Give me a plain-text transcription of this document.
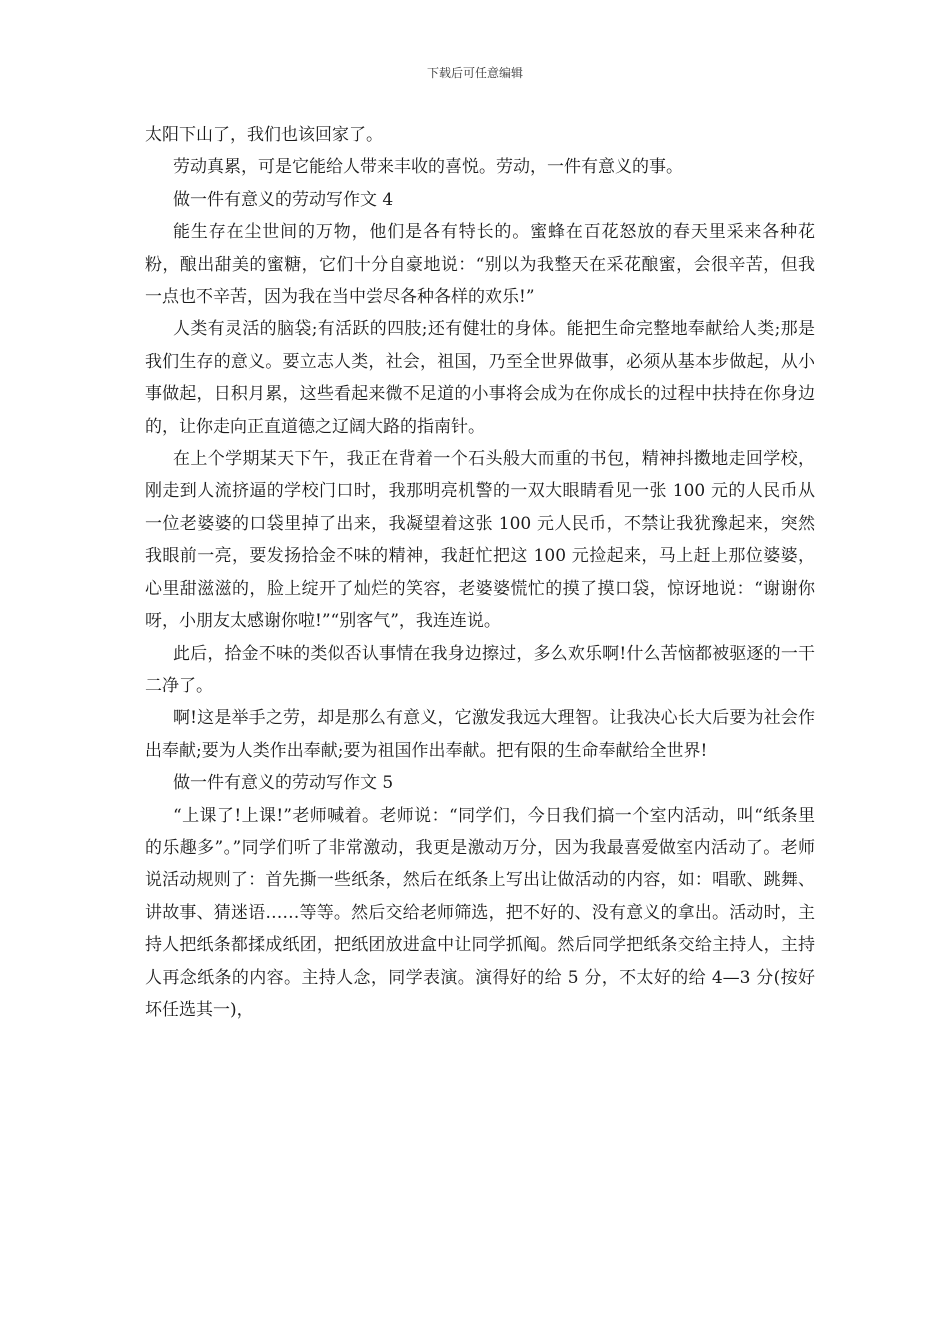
下载后可任意编辑

太阳下山了，我们也该回家了。

劳动真累，可是它能给人带来丰收的喜悦。劳动，一件有意义的事。

做一件有意义的劳动写作文 4

能生存在尘世间的万物，他们是各有特长的。蜜蜂在百花怒放的春天里采来各种花粉，酿出甜美的蜜糖，它们十分自豪地说：“别以为我整天在采花酿蜜，会很辛苦，但我一点也不辛苦，因为我在当中尝尽各种各样的欢乐!”

人类有灵活的脑袋;有活跃的四肢;还有健壮的身体。能把生命完整地奉献给人类;那是我们生存的意义。要立志人类，社会，祖国，乃至全世界做事，必须从基本步做起，从小事做起，日积月累，这些看起来微不足道的小事将会成为在你成长的过程中扶持在你身边的，让你走向正直道德之辽阔大路的指南针。

在上个学期某天下午，我正在背着一个石头般大而重的书包，精神抖擞地走回学校，刚走到人流挤逼的学校门口时，我那明亮机警的一双大眼睛看见一张 100 元的人民币从一位老婆婆的口袋里掉了出来，我凝望着这张 100 元人民币，不禁让我犹豫起来，突然我眼前一亮，要发扬拾金不味的精神，我赶忙把这 100 元捡起来，马上赶上那位婆婆，心里甜滋滋的，脸上绽开了灿烂的笑容，老婆婆慌忙的摸了摸口袋，惊讶地说：“谢谢你呀，小朋友太感谢你啦!”“别客气”，我连连说。

此后，拾金不味的类似否认事情在我身边擦过，多么欢乐啊!什么苦恼都被驱逐的一干二净了。

啊!这是举手之劳，却是那么有意义，它激发我远大理智。让我决心长大后要为社会作出奉献;要为人类作出奉献;要为祖国作出奉献。把有限的生命奉献给全世界!

做一件有意义的劳动写作文 5

“上课了!上课!”老师喊着。老师说：“同学们，今日我们搞一个室内活动，叫“纸条里的乐趣多”。”同学们听了非常激动，我更是激动万分，因为我最喜爱做室内活动了。老师说活动规则了：首先撕一些纸条，然后在纸条上写出让做活动的内容，如：唱歌、跳舞、讲故事、猜迷语……等等。然后交给老师筛选，把不好的、没有意义的拿出。活动时，主持人把纸条都揉成纸团，把纸团放进盒中让同学抓阄。然后同学把纸条交给主持人，主持人再念纸条的内容。主持人念，同学表演。演得好的给 5 分，不太好的给 4—3 分(按好坏任选其一)，
